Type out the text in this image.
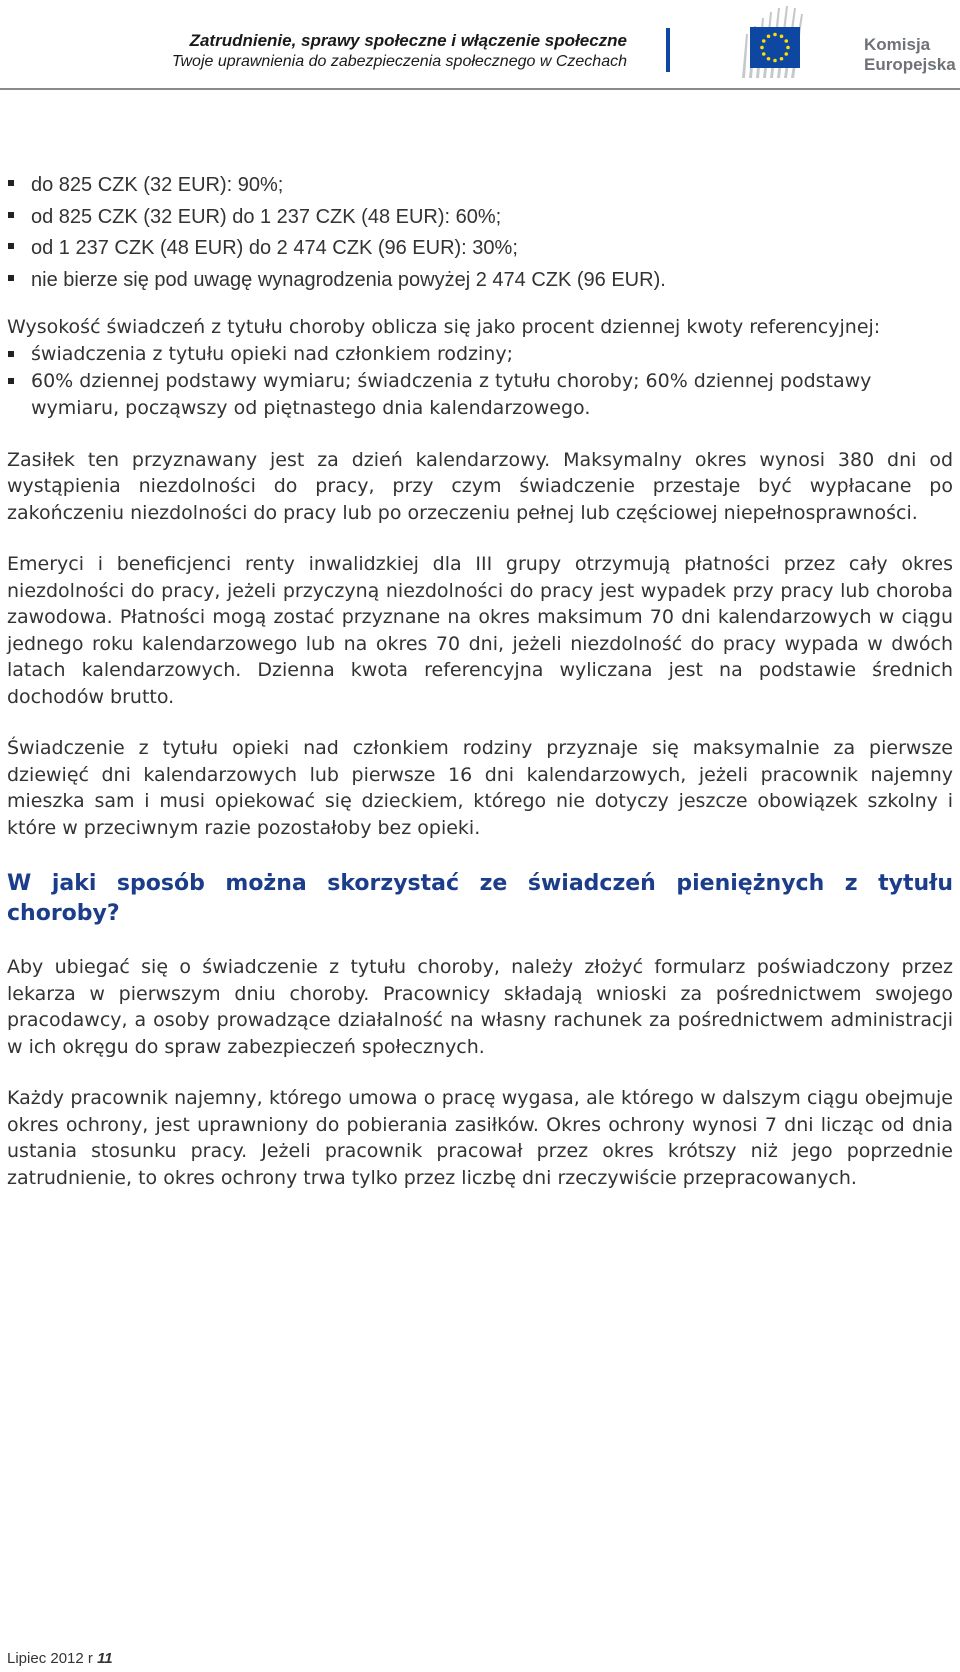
Zatrudnienie, sprawy społeczne i włączenie społeczne
Twoje uprawnienia do zabezpieczenia społecznego w Czechach
Komisja
Europejska
do 825 CZK (32 EUR): 90%;
od 825 CZK (32 EUR) do 1 237 CZK (48 EUR): 60%;
od 1 237 CZK (48 EUR) do 2 474 CZK (96 EUR): 30%;
nie bierze się pod uwagę wynagrodzenia powyżej 2 474 CZK (96 EUR).

Wysokość świadczeń z tytułu choroby oblicza się jako procent dziennej kwoty referencyjnej:

świadczenia z tytułu opieki nad członkiem rodziny;
60% dziennej podstawy wymiaru; świadczenia z tytułu choroby; 60% dziennej podstawy wymiaru, począwszy od piętnastego dnia kalendarzowego.

Zasiłek ten przyznawany jest za dzień kalendarzowy. Maksymalny okres wynosi 380 dni od wystąpienia niezdolności do pracy, przy czym świadczenie przestaje być wypłacane po zakończeniu niezdolności do pracy lub po orzeczeniu pełnej lub częściowej niepełnosprawności.

Emeryci i beneficjenci renty inwalidzkiej dla III grupy otrzymują płatności przez cały okres niezdolności do pracy, jeżeli przyczyną niezdolności do pracy jest wypadek przy pracy lub choroba zawodowa. Płatności mogą zostać przyznane na okres maksimum 70 dni kalendarzowych w ciągu jednego roku kalendarzowego lub na okres 70 dni, jeżeli niezdolność do pracy wypada w dwóch latach kalendarzowych. Dzienna kwota referencyjna wyliczana jest na podstawie średnich dochodów brutto.

Świadczenie z tytułu opieki nad członkiem rodziny przyznaje się maksymalnie za pierwsze dziewięć dni kalendarzowych lub pierwsze 16 dni kalendarzowych, jeżeli pracownik najemny mieszka sam i musi opiekować się dzieckiem, którego nie dotyczy jeszcze obowiązek szkolny i które w przeciwnym razie pozostałoby bez opieki.

W jaki sposób można skorzystać ze świadczeń pieniężnych z tytułu choroby?

Aby ubiegać się o świadczenie z tytułu choroby, należy złożyć formularz poświadczony przez lekarza w pierwszym dniu choroby. Pracownicy składają wnioski za pośrednictwem swojego pracodawcy, a osoby prowadzące działalność na własny rachunek za pośrednictwem administracji w ich okręgu do spraw zabezpieczeń społecznych.

Każdy pracownik najemny, którego umowa o pracę wygasa, ale którego w dalszym ciągu obejmuje okres ochrony, jest uprawniony do pobierania zasiłków. Okres ochrony wynosi 7 dni licząc od dnia ustania stosunku pracy. Jeżeli pracownik pracował przez okres krótszy niż jego poprzednie zatrudnienie, to okres ochrony trwa tylko przez liczbę dni rzeczywiście przepracowanych.

Lipiec 2012 r 11
